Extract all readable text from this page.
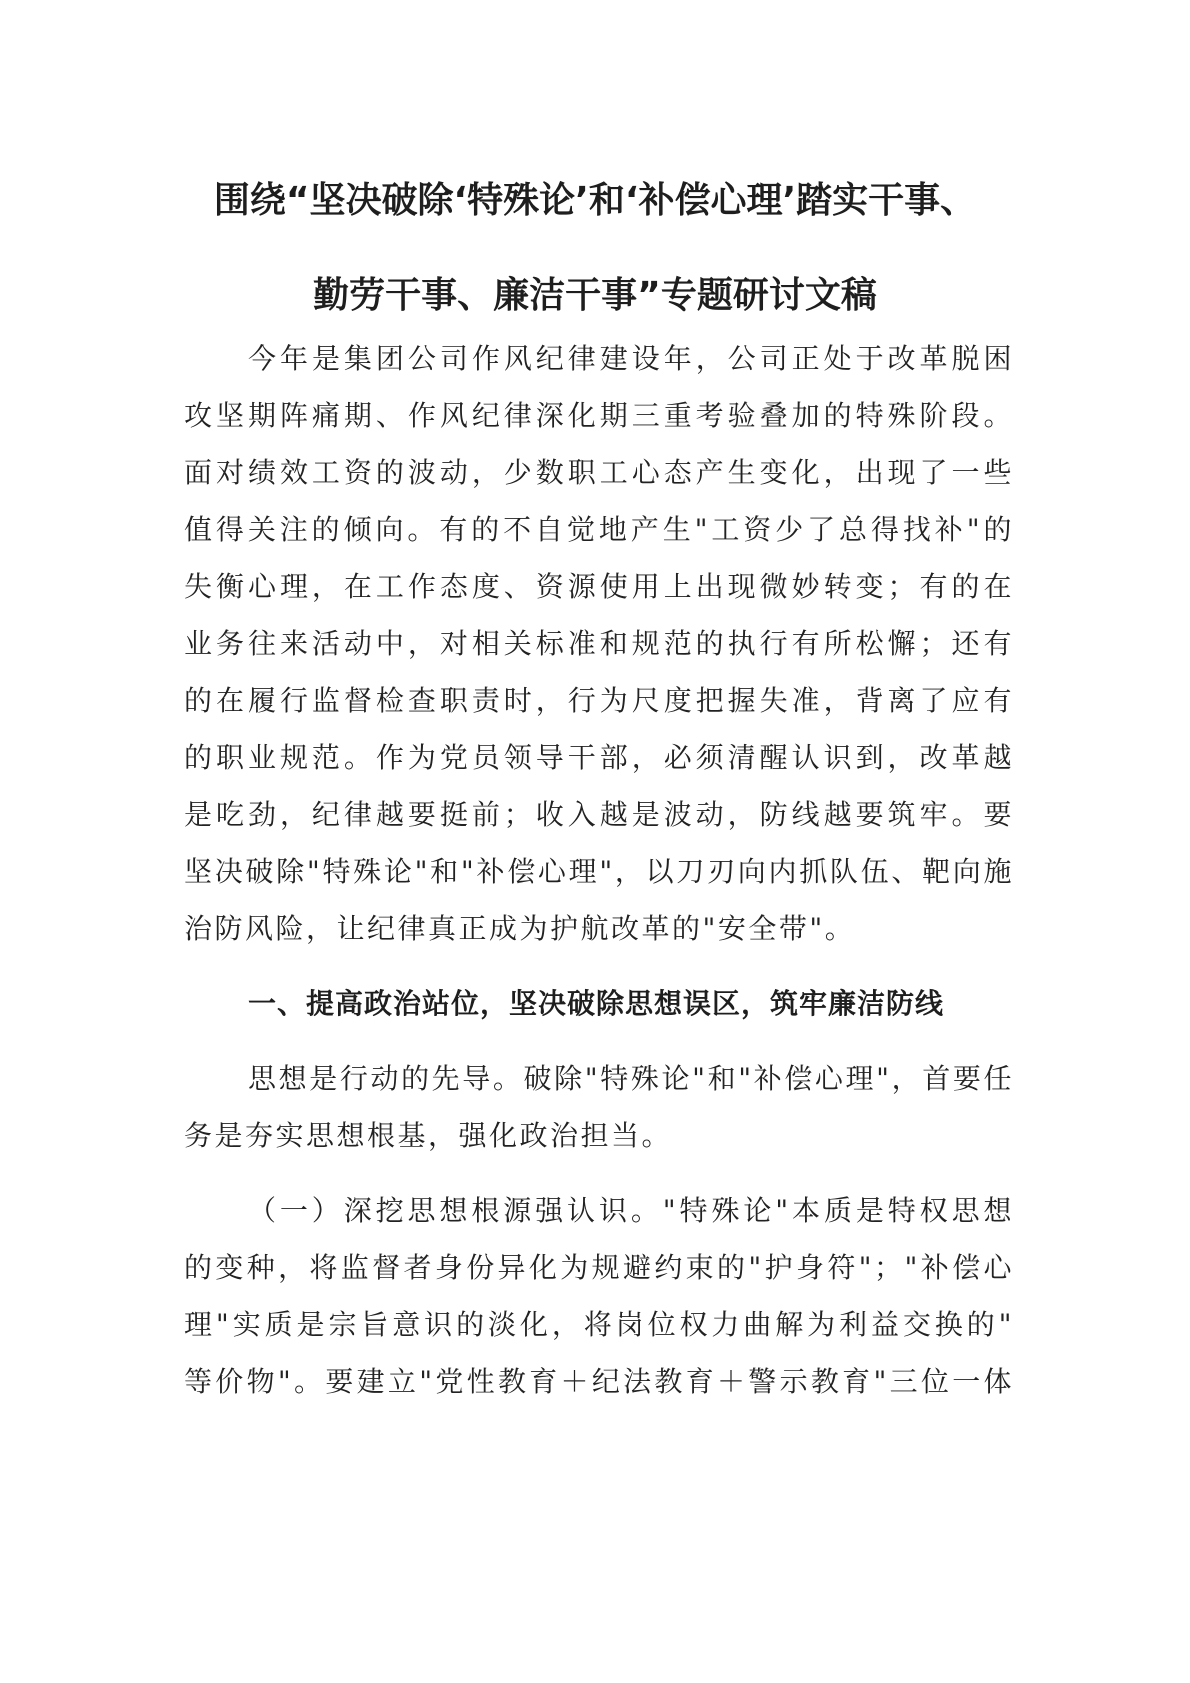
围绕“坚决破除‘特殊论’和‘补偿心理’踏实干事、
勤劳干事、廉洁干事”专题研讨文稿
今年是集团公司作风纪律建设年，公司正处于改革脱困
攻坚期阵痛期、作风纪律深化期三重考验叠加的特殊阶段。
面对绩效工资的波动，少数职工心态产生变化，出现了一些
值得关注的倾向。有的不自觉地产生"工资少了总得找补"的
失衡心理，在工作态度、资源使用上出现微妙转变；有的在
业务往来活动中，对相关标准和规范的执行有所松懈；还有
的在履行监督检查职责时，行为尺度把握失准，背离了应有
的职业规范。作为党员领导干部，必须清醒认识到，改革越
是吃劲，纪律越要挺前；收入越是波动，防线越要筑牢。要
坚决破除"特殊论"和"补偿心理"，以刀刃向内抓队伍、靶向施
治防风险，让纪律真正成为护航改革的"安全带"。
一、提高政治站位，坚决破除思想误区，筑牢廉洁防线
思想是行动的先导。破除"特殊论"和"补偿心理"，首要任
务是夯实思想根基，强化政治担当。
（一）深挖思想根源强认识。"特殊论"本质是特权思想
的变种，将监督者身份异化为规避约束的"护身符"；"补偿心
理"实质是宗旨意识的淡化，将岗位权力曲解为利益交换的"
等价物"。要建立"党性教育＋纪法教育＋警示教育"三位一体
